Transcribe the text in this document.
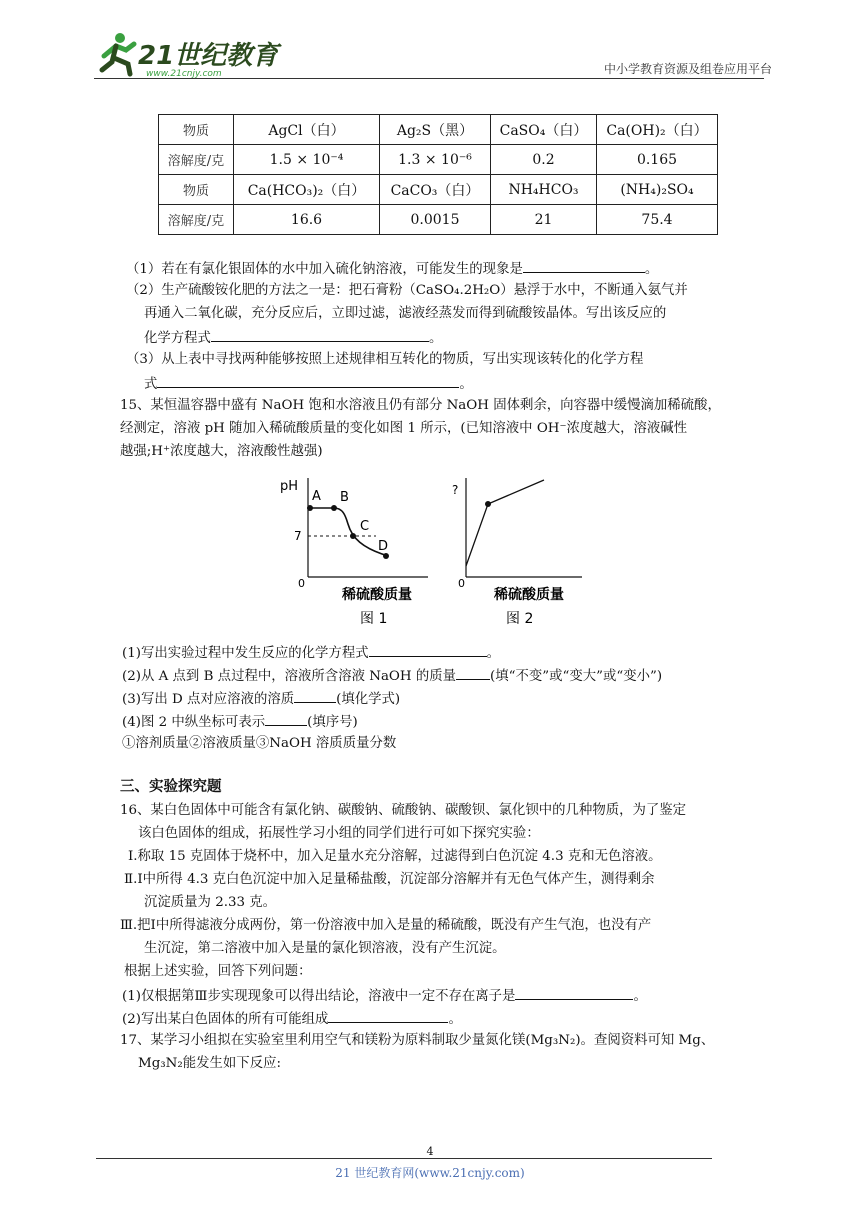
21世纪教育
www.21cnjy.com	中小学教育资源及组卷应用平台
物质	AgCl（白）	Ag₂S（黑）	CaSO₄（白）	Ca(OH)₂（白）
溶解度/克	1.5 × 10⁻⁴	1.3 × 10⁻⁶	0.2	0.165
物质	Ca(HCO₃)₂（白）	CaCO₃（白）	NH₄HCO₃	(NH₄)₂SO₄
溶解度/克	16.6	0.0015	21	75.4
（1）若在有氯化银固体的水中加入硫化钠溶液，可能发生的现象是	。
（2）生产硫酸铵化肥的方法之一是：把石膏粉（CaSO₄.2H₂O）悬浮于水中，不断通入氨气并
再通入二氧化碳，充分反应后，立即过滤，滤液经蒸发而得到硫酸铵晶体。写出该反应的
化学方程式	。
（3）从上表中寻找两种能够按照上述规律相互转化的物质，写出实现该转化的化学方程
式	。
15、某恒温容器中盛有 NaOH 饱和水溶液且仍有部分 NaOH 固体剩余，向容器中缓慢滴加稀硫酸，
经测定，溶液 pH 随加入稀硫酸质量的变化如图 1 所示，(已知溶液中 OH⁻浓度越大，溶液碱性
越强;H⁺浓度越大，溶液酸性越强)
pH
7
0
A B
C
D
稀硫酸质量
图 1
?
0
稀硫酸质量
图 2
(1)写出实验过程中发生反应的化学方程式	。
(2)从 A 点到 B 点过程中，溶液所含溶液 NaOH 的质量	(填“不变”或“变大”或“变小”)
(3)写出 D 点对应溶液的溶质	(填化学式)
(4)图 2 中纵坐标可表示	(填序号)
①溶剂质量②溶液质量③NaOH 溶质质量分数
三、实验探究题
16、某白色固体中可能含有氯化钠、碳酸钠、硫酸钠、碳酸钡、氯化钡中的几种物质，为了鉴定
该白色固体的组成，拓展性学习小组的同学们进行可如下探究实验：
Ⅰ.称取 15 克固体于烧杯中，加入足量水充分溶解，过滤得到白色沉淀 4.3 克和无色溶液。
Ⅱ.Ⅰ中所得 4.3 克白色沉淀中加入足量稀盐酸，沉淀部分溶解并有无色气体产生，测得剩余
沉淀质量为 2.33 克。
Ⅲ.把Ⅰ中所得滤液分成两份，第一份溶液中加入是量的稀硫酸，既没有产生气泡，也没有产
生沉淀，第二溶液中加入是量的氯化钡溶液，没有产生沉淀。
根据上述实验，回答下列问题：
(1)仅根据第Ⅲ步实现现象可以得出结论，溶液中一定不存在离子是	。
(2)写出某白色固体的所有可能组成	。
17、某学习小组拟在实验室里利用空气和镁粉为原料制取少量氮化镁(Mg₃N₂)。查阅资料可知 Mg、
Mg₃N₂能发生如下反应:
4
21 世纪教育网(www.21cnjy.com)
